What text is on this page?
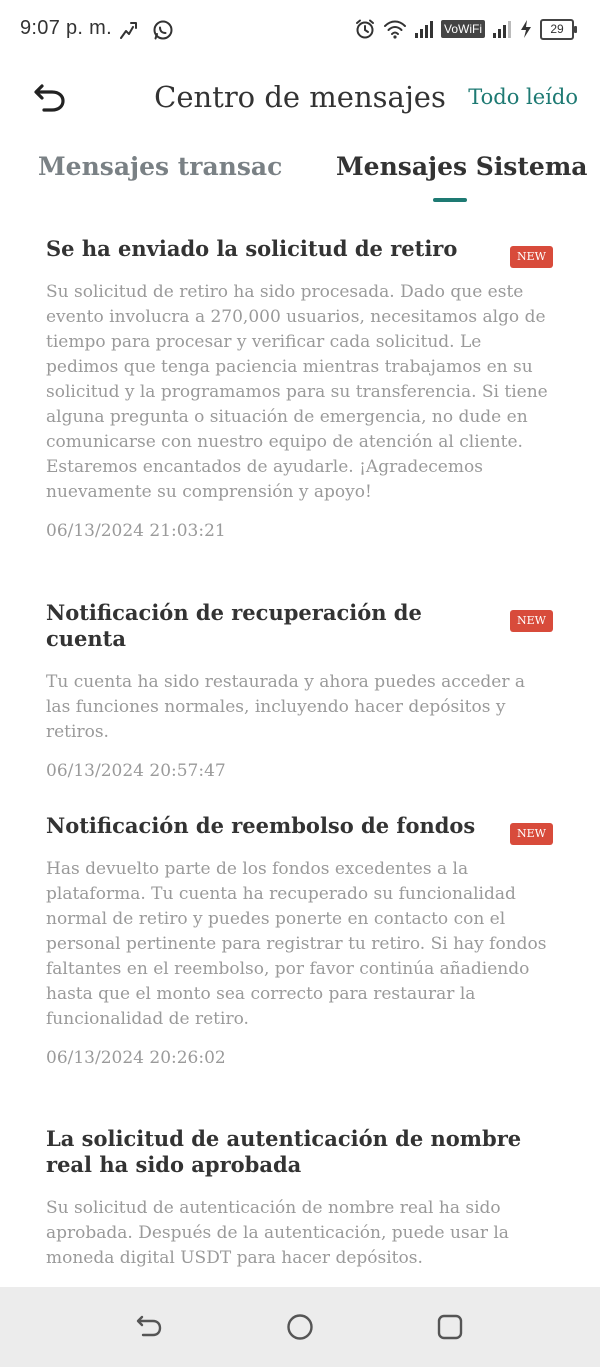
9:07 p. m.	VoWiFi	29
Centro de mensajes	Todo leído
Mensajes transac Mensajes Sistema
Se ha enviado la solicitud de retiro	NEW
Su solicitud de retiro ha sido procesada. Dado que este evento involucra a 270,000 usuarios, necesitamos algo de tiempo para procesar y verificar cada solicitud. Le pedimos que tenga paciencia mientras trabajamos en su solicitud y la programamos para su transferencia. Si tiene alguna pregunta o situación de emergencia, no dude en comunicarse con nuestro equipo de atención al cliente. Estaremos encantados de ayudarle. ¡Agradecemos nuevamente su comprensión y apoyo!
06/13/2024 21:03:21
Notificación de recuperación de cuenta
NEW
Tu cuenta ha sido restaurada y ahora puedes acceder a las funciones normales, incluyendo hacer depósitos y retiros.
06/13/2024 20:57:47
Notificación de reembolso de fondos	NEW
Has devuelto parte de los fondos excedentes a la plataforma. Tu cuenta ha recuperado su funcionalidad normal de retiro y puedes ponerte en contacto con el personal pertinente para registrar tu retiro. Si hay fondos faltantes en el reembolso, por favor continúa añadiendo hasta que el monto sea correcto para restaurar la funcionalidad de retiro.
06/13/2024 20:26:02
La solicitud de autenticación de nombre real ha sido aprobada
Su solicitud de autenticación de nombre real ha sido aprobada. Después de la autenticación, puede usar la moneda digital USDT para hacer depósitos.
